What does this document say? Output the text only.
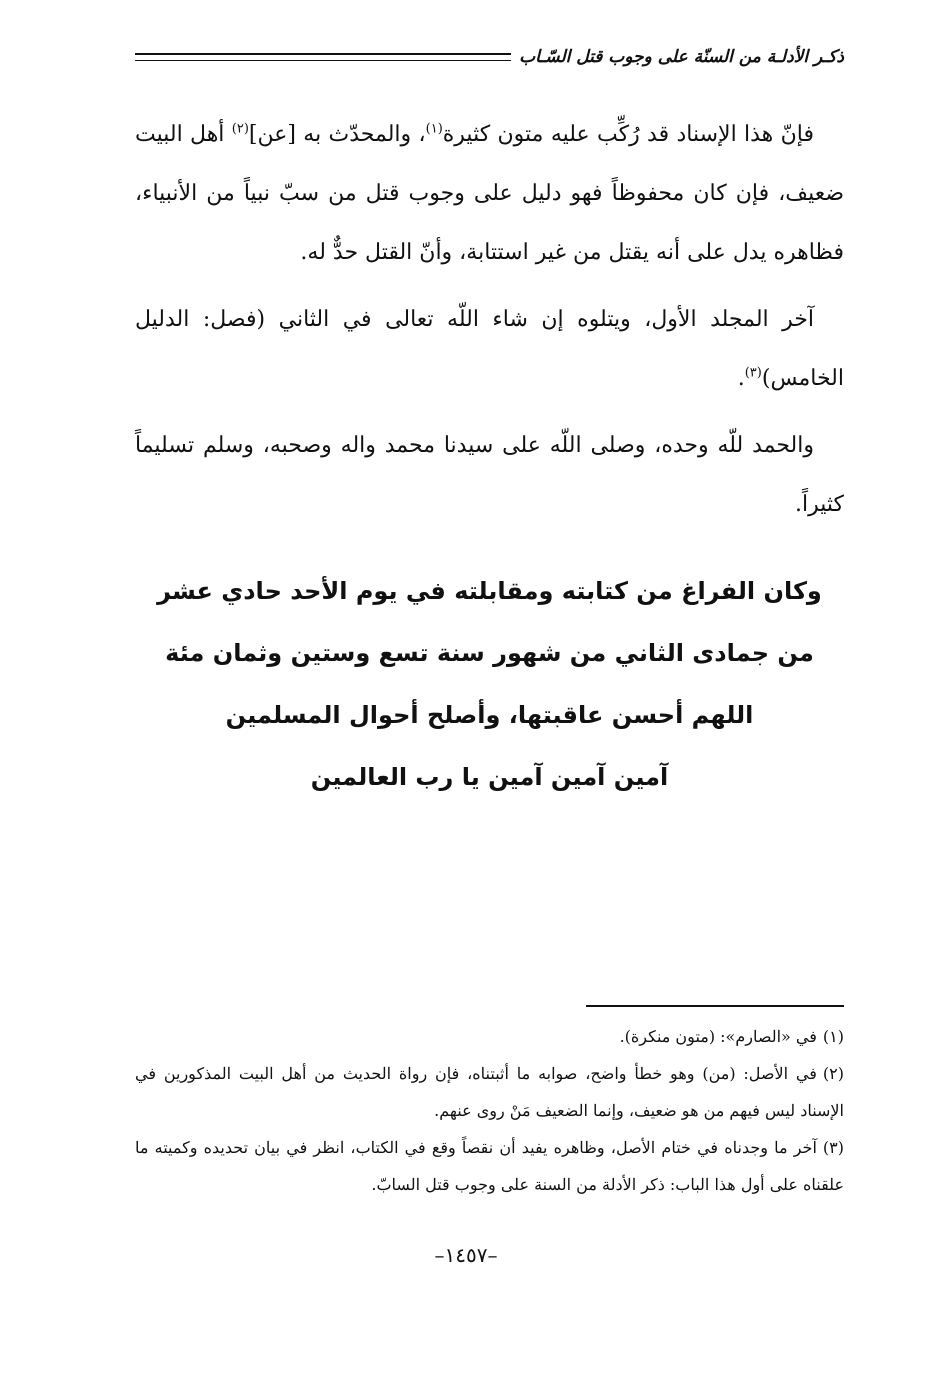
ذكـر الأدلـة من السنّة على وجوب قتل السّـاب

فإنّ هذا الإسناد قد رُكِّب عليه متون كثيرة$^{(١)}$، والمحدّث به [عن]$^{(٢)}$ أهل البيت ضعيف، فإن كان محفوظاً فهو دليل على وجوب قتل من سبّ نبياً من الأنبياء، فظاهره يدل على أنه يقتل من غير استتابة، وأنّ القتل حدٌّ له.

آخر المجلد الأول، ويتلوه إن شاء اللّه تعالى في الثاني (فصل: الدليل الخامس)$^{(٣)}$.

والحمد للّه وحده، وصلى اللّه على سيدنا محمد واله وصحبه، وسلم تسليماً كثيراً.

وكان الفراغ من كتابته ومقابلته في يوم الأحد حادي عشر
من جمادى الثاني من شهور سنة تسع وستين وثمان مئة
اللهم أحسن عاقبتها، وأصلح أحوال المسلمين
آمين آمين آمين يا رب العالمين

(١)في «الصارم»: (متون منكرة).

(٢)في الأصل: (من) وهو خطأ واضح، صوابه ما أثبتناه، فإن رواة الحديث من أهل البيت المذكورين في الإسناد ليس فيهم من هو ضعيف، وإنما الضعيف مَنْ روى عنهم.

(٣)آخر ما وجدناه في ختام الأصل، وظاهره يفيد أن نقصاً وقع في الكتاب، انظر في بيان تحديده وكميته ما علقناه على أول هذا الباب: ذكر الأدلة من السنة على وجوب قتل السابّ.

–١٤٥٧–
